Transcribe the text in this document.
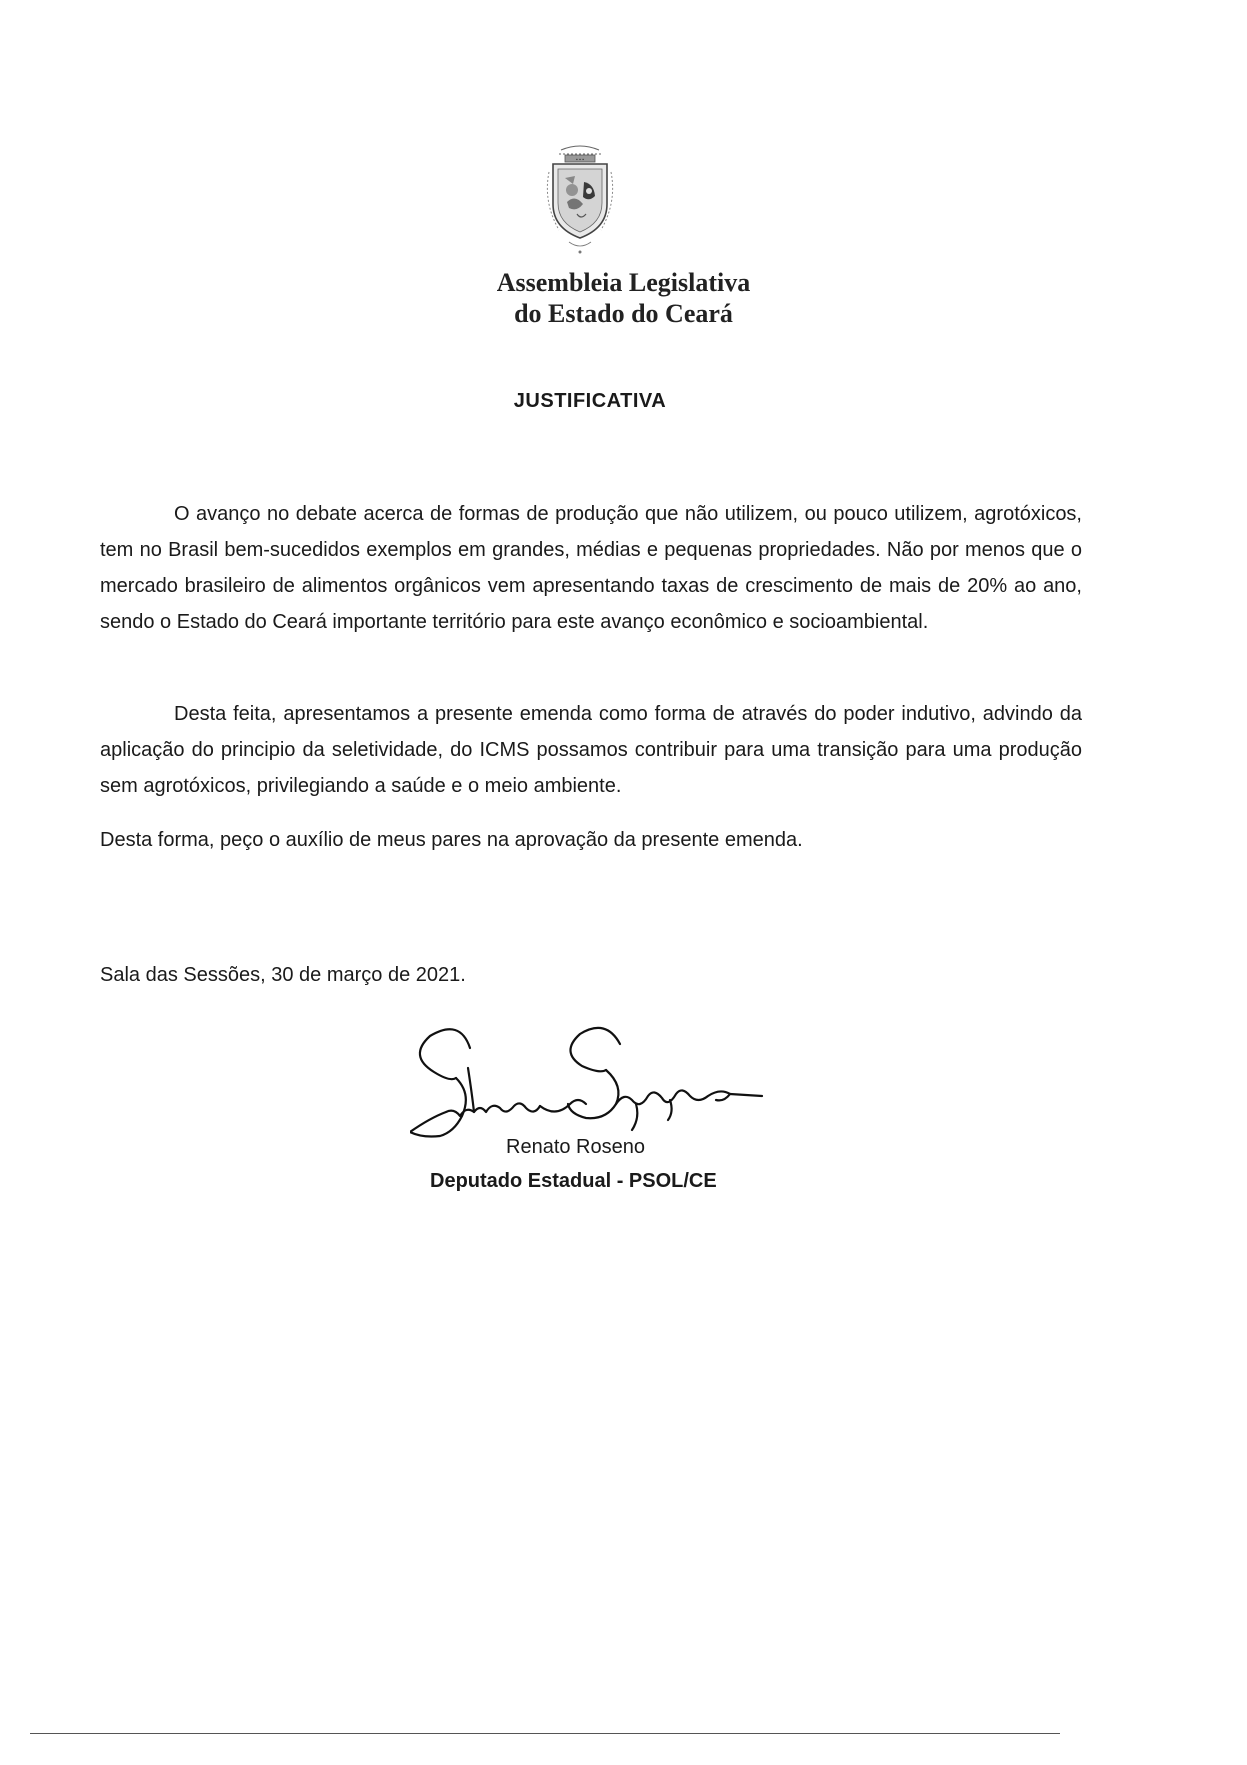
▪ ▪ ▪
Assembleia Legislativa
do Estado do Ceará
JUSTIFICATIVA

O avanço no debate acerca de formas de produção que não utilizem, ou pouco utilizem, agrotóxicos, tem no Brasil bem-sucedidos exemplos em grandes, médias e pequenas propriedades. Não por menos que o mercado brasileiro de alimentos orgânicos vem apresentando taxas de crescimento de mais de 20% ao ano, sendo o Estado do Ceará importante território para este avanço econômico e socioambiental.

Desta feita, apresentamos a presente emenda como forma de através do poder indutivo, advindo da aplicação do principio da seletividade, do ICMS possamos contribuir para uma transição para uma produção sem agrotóxicos, privilegiando a saúde e o meio ambiente.

Desta forma, peço o auxílio de meus pares na aprovação da presente emenda.

Sala das Sessões, 30 de março de 2021.
Renato Roseno
Deputado Estadual - PSOL/CE
